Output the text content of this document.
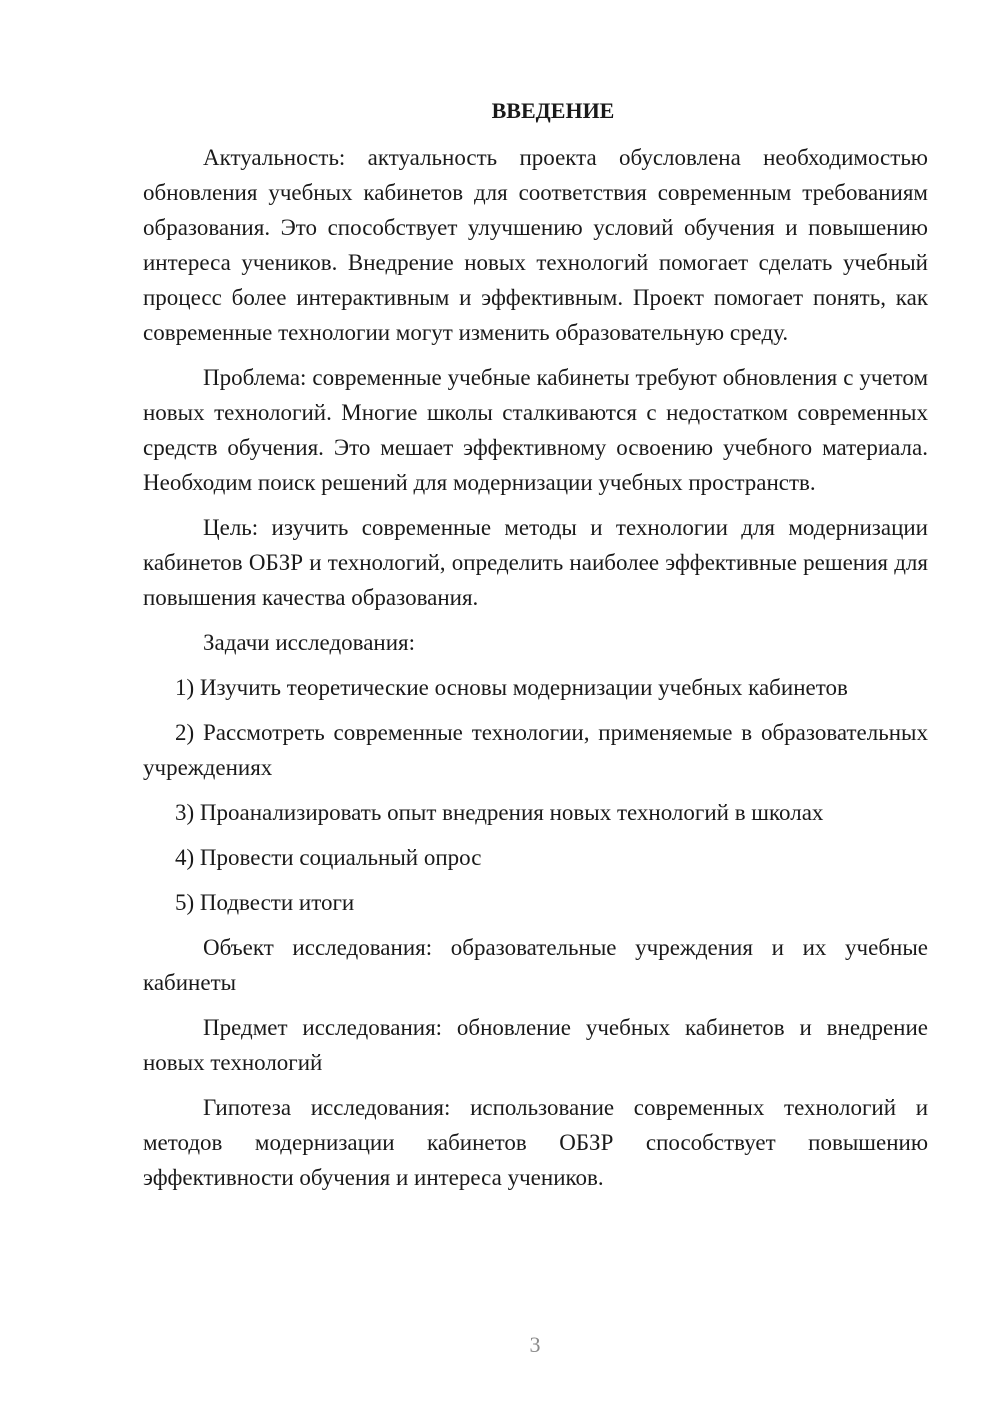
ВВЕДЕНИЕ

Актуальность: актуальность проекта обусловлена необходимостью обновления учебных кабинетов для соответствия современным требованиям образования. Это способствует улучшению условий обучения и повышению интереса учеников. Внедрение новых технологий помогает сделать учебный процесс более интерактивным и эффективным. Проект помогает понять, как современные технологии могут изменить образовательную среду.

Проблема: современные учебные кабинеты требуют обновления с учетом новых технологий. Многие школы сталкиваются с недостатком современных средств обучения. Это мешает эффективному освоению учебного материала. Необходим поиск решений для модернизации учебных пространств.

Цель: изучить современные методы и технологии для модернизации кабинетов ОБЗР и технологий, определить наиболее эффективные решения для повышения качества образования.

Задачи исследования:

1) Изучить теоретические основы модернизации учебных кабинетов

2) Рассмотреть современные технологии, применяемые в образовательных учреждениях

3) Проанализировать опыт внедрения новых технологий в школах

4) Провести социальный опрос

5) Подвести итоги

Объект исследования: образовательные учреждения и их учебные кабинеты

Предмет исследования: обновление учебных кабинетов и внедрение новых технологий

Гипотеза исследования: использование современных технологий и методов модернизации кабинетов ОБЗР способствует повышению эффективности обучения и интереса учеников.

3
